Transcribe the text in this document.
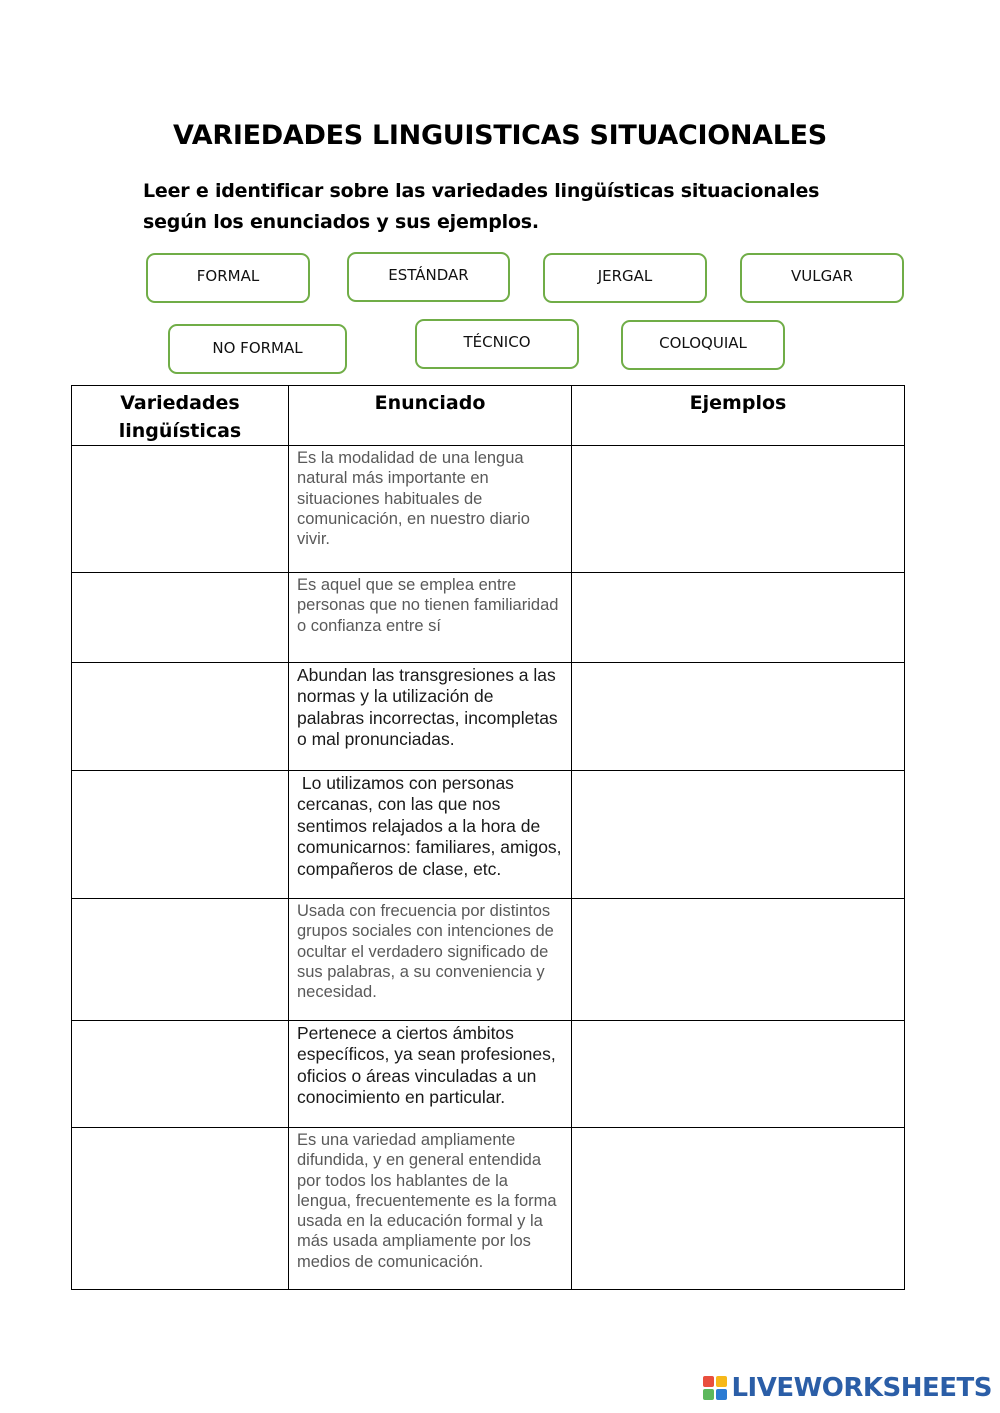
VARIEDADES LINGUISTICAS SITUACIONALES
Leer e identificar sobre las variedades lingüísticas situacionales según los enunciados y sus ejemplos.
FORMAL	ESTÁNDAR	JERGAL	VULGAR
NO FORMAL	TÉCNICO	COLOQUIAL
Variedades lingüísticas	Enunciado	Ejemplos

	Es la modalidad de una lengua natural más importante en situaciones habituales de comunicación, en nuestro diario vivir.	

	Es aquel que se emplea entre personas que no tienen familiaridad o confianza entre sí	

	Abundan las transgresiones a las normas y la utilización de palabras incorrectas, incompletas o mal pronunciadas.	

	Lo utilizamos con personas cercanas, con las que nos sentimos relajados a la hora de comunicarnos: familiares, amigos, compañeros de clase, etc.	

	Usada con frecuencia por distintos grupos sociales con intenciones de ocultar el verdadero significado de sus palabras, a su conveniencia y necesidad.	

	Pertenece a ciertos ámbitos específicos, ya sean profesiones, oficios o áreas vinculadas a un conocimiento en particular.	

	Es una variedad ampliamente difundida, y en general entendida por todos los hablantes de la lengua, frecuentemente es la forma usada en la educación formal y la más usada ampliamente por los medios de comunicación.	

LIVEWORKSHEETS
